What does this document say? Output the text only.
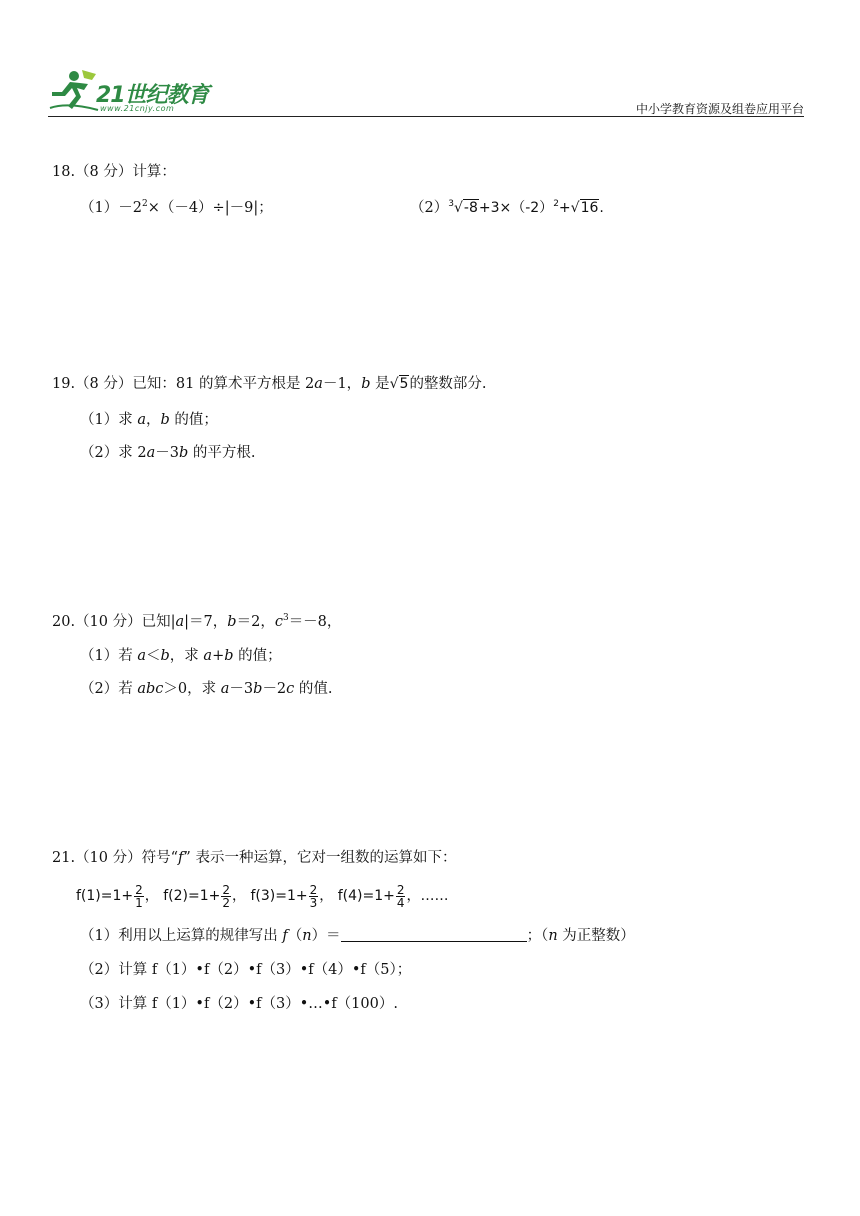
21世纪教育
www.21cnjy.com	中小学教育资源及组卷应用平台
18.（8 分）计算：
$(1)-2^2\times(-4)\div|-9|$；	$(2)^3√-8+3\times(-2)^2+√16$.
19.（8 分）已知：81 的算术平方根是 2a－1，b 是√5的整数部分.
（1）求 a，b 的值；
（2）求 2a－3b 的平方根.
20.（10 分）已知|a|＝7，b＝2，$c^3=-8$，
（1）若 a＜b，求 a+b 的值；
（2）若 abc＞0，求 a－3b－2c 的值.
21.（10 分）符号“f” 表示一种运算，它对一组数的运算如下：
$f(1)=1+ \frac{2}{1}$ ， $f(2)=1+ \frac{2}{2}$ ， $f(3)=1+ \frac{2}{3}$ ， $f(4)=1+ \frac{2}{4}$ ，……
（1）利用以上运算的规律写出 f（n）＝	；（n 为正整数）
（2）计算 f（1）•f（2）•f（3）•f（4）•f（5）；
（3）计算 f（1）•f（2）•f（3）•…•f（100）.
